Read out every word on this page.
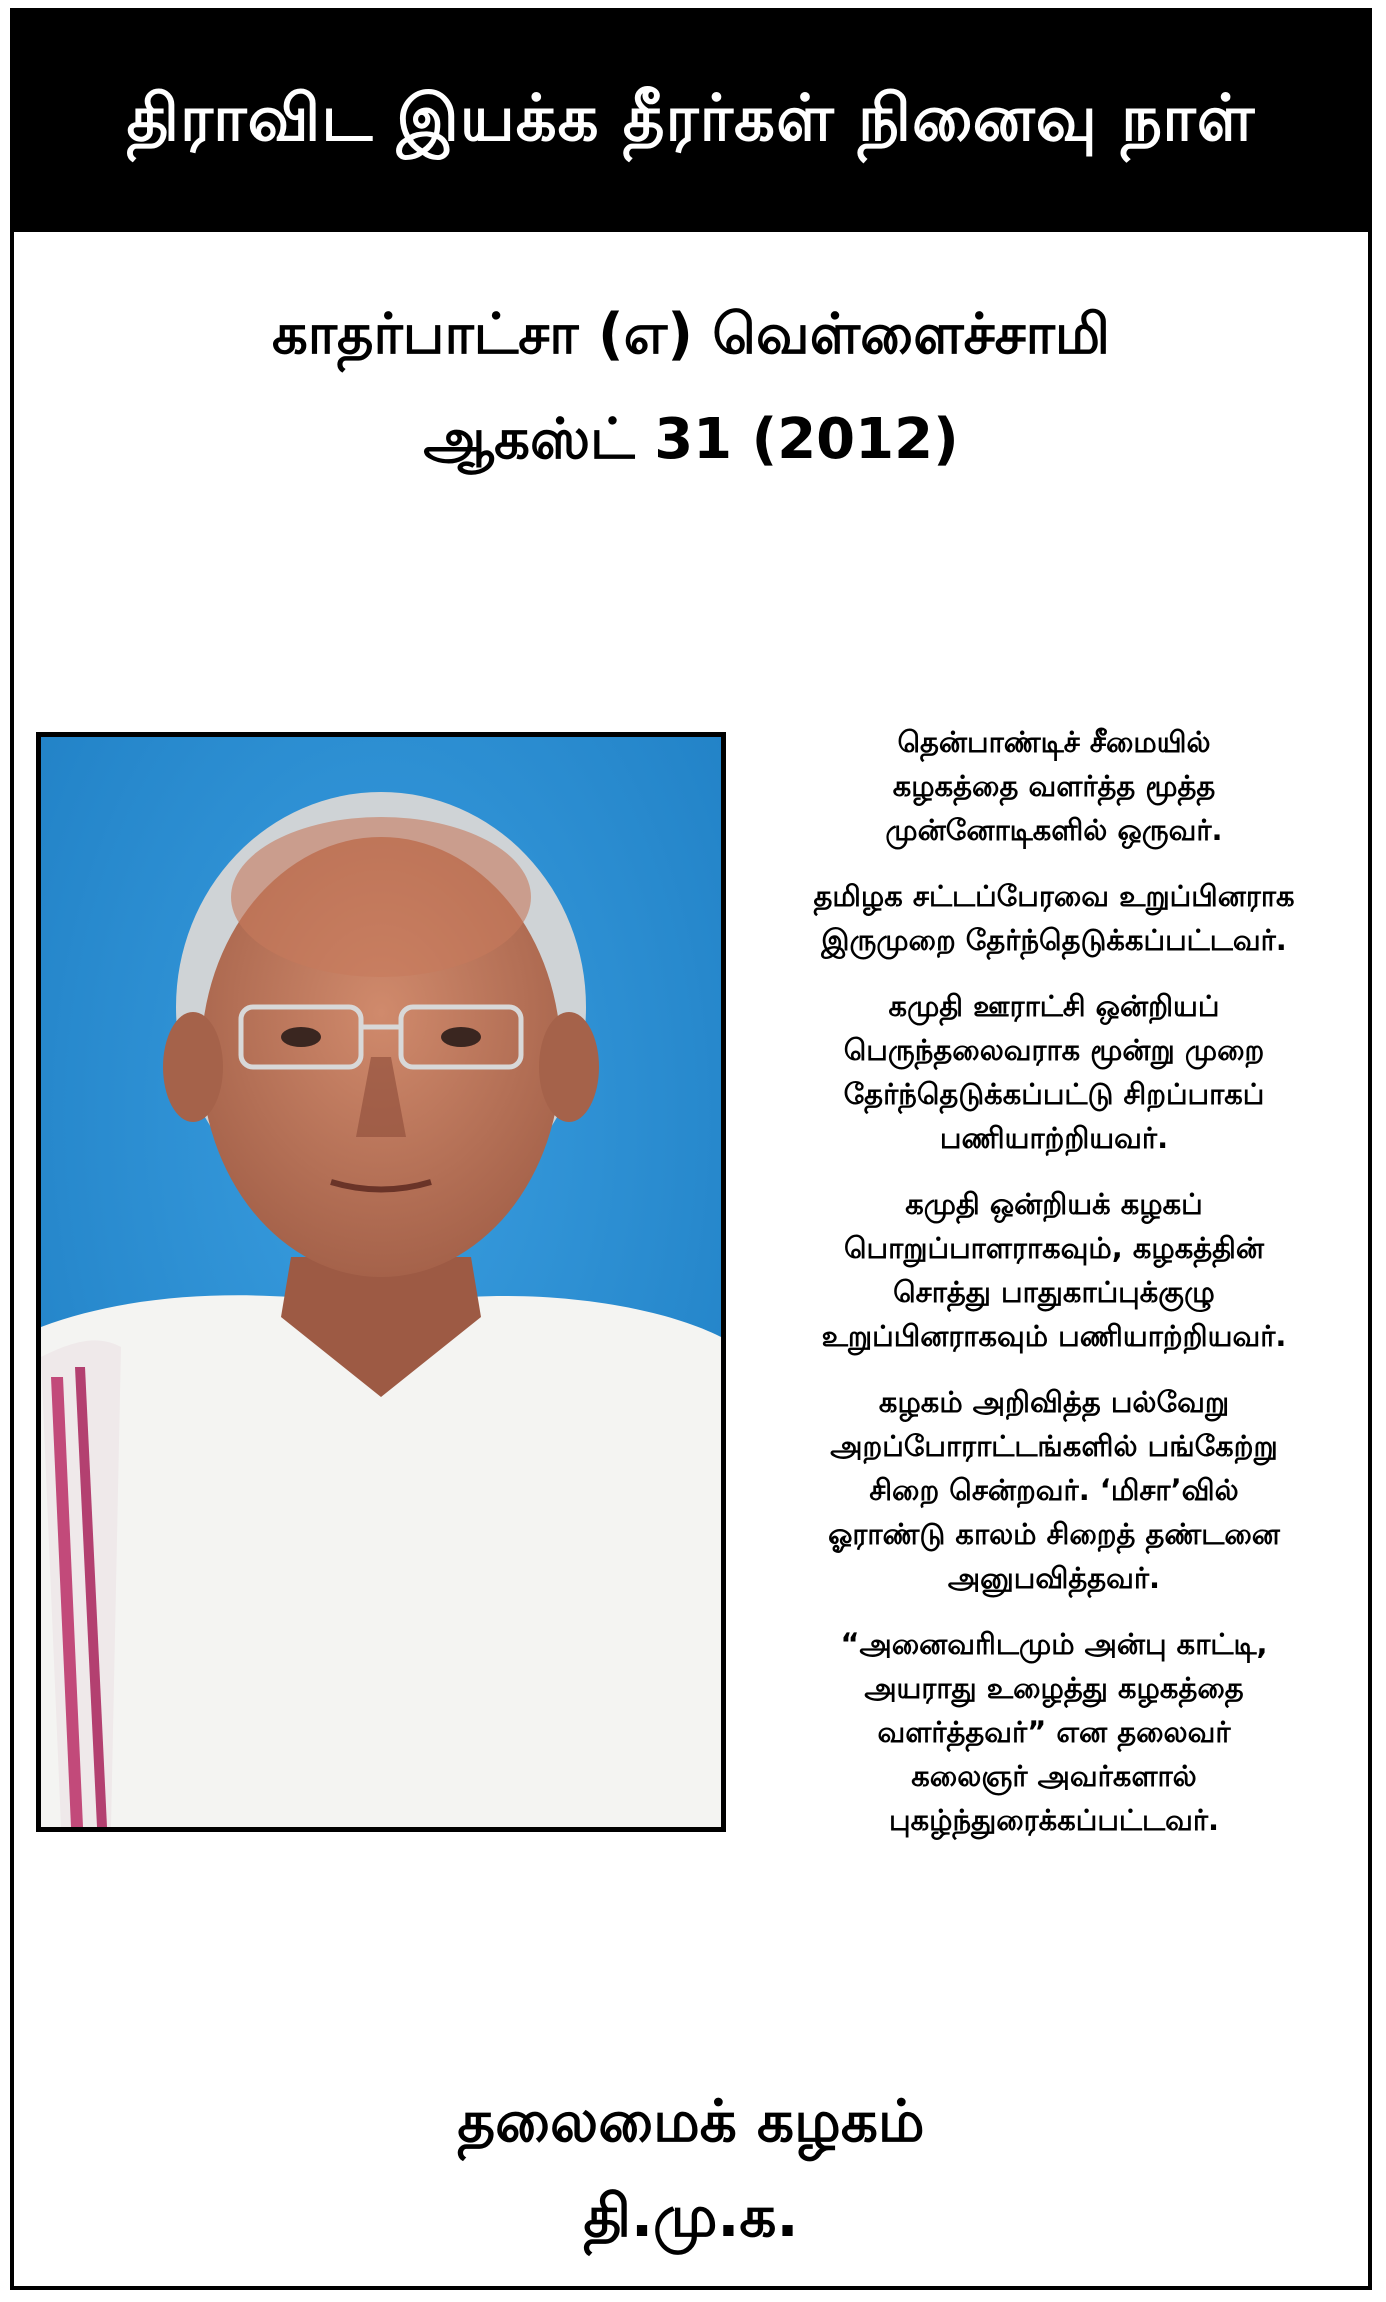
திராவிட இயக்க தீரர்கள் நினைவு நாள்
காதர்பாட்சா (எ) வெள்ளைச்சாமி
ஆகஸ்ட் 31 (2012)
தென்பாண்டிச் சீமையில்
கழகத்தை வளர்த்த மூத்த
முன்னோடிகளில் ஒருவர்.
தமிழக சட்டப்பேரவை உறுப்பினராக
இருமுறை தேர்ந்தெடுக்கப்பட்டவர்.
கமுதி ஊராட்சி ஒன்றியப்
பெருந்தலைவராக மூன்று முறை
தேர்ந்தெடுக்கப்பட்டு சிறப்பாகப்
பணியாற்றியவர்.
கமுதி ஒன்றியக் கழகப்
பொறுப்பாளராகவும், கழகத்தின்
சொத்து பாதுகாப்புக்குழு
உறுப்பினராகவும் பணியாற்றியவர்.
கழகம் அறிவித்த பல்வேறு
அறப்போராட்டங்களில் பங்கேற்று
சிறை சென்றவர். ‘மிசா’வில்
ஓராண்டு காலம் சிறைத் தண்டனை
அனுபவித்தவர்.
“அனைவரிடமும் அன்பு காட்டி,
அயராது உழைத்து கழகத்தை
வளர்த்தவர்” என தலைவர்
கலைஞர் அவர்களால்
புகழ்ந்துரைக்கப்பட்டவர்.
தலைமைக் கழகம்
தி.மு.க.
